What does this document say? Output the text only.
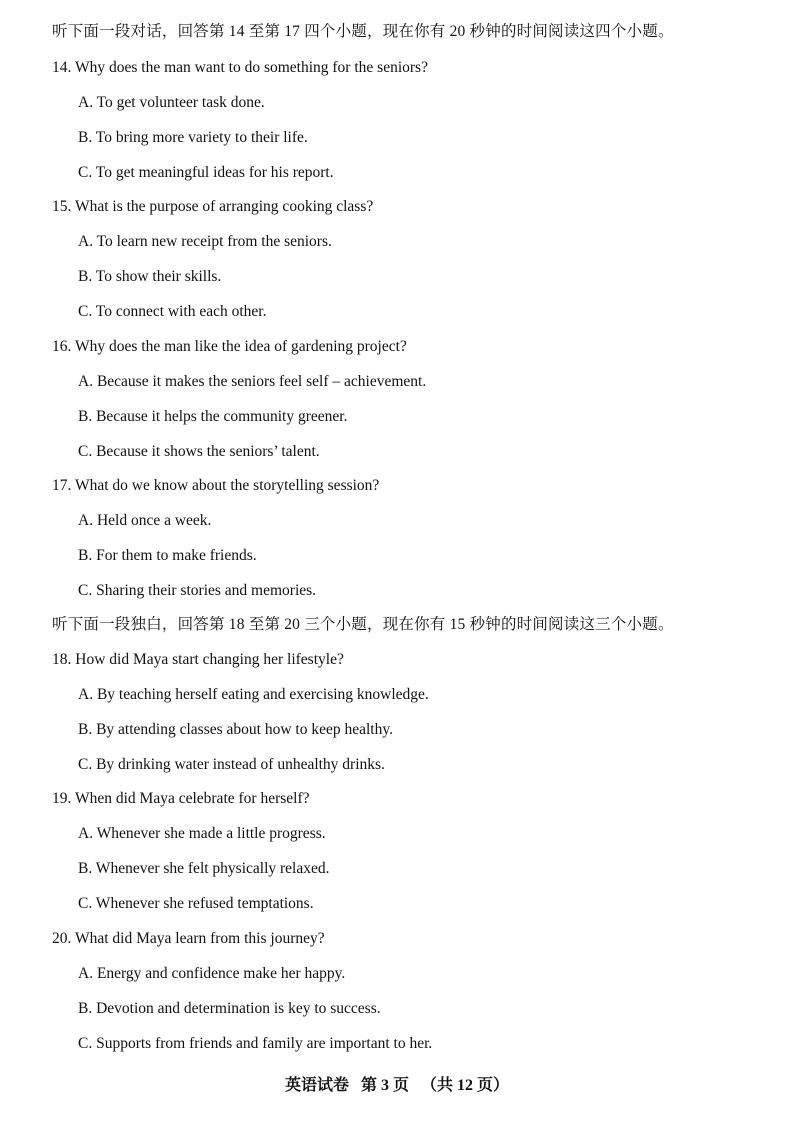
听下面一段对话，回答第 14 至第 17 四个小题，现在你有 20 秒钟的时间阅读这四个小题。
14. Why does the man want to do something for the seniors?
A. To get volunteer task done.
B. To bring more variety to their life.
C. To get meaningful ideas for his report.
15. What is the purpose of arranging cooking class?
A. To learn new receipt from the seniors.
B. To show their skills.
C. To connect with each other.
16. Why does the man like the idea of gardening project?
A. Because it makes the seniors feel self – achievement.
B. Because it helps the community greener.
C. Because it shows the seniors’ talent.
17. What do we know about the storytelling session?
A. Held once a week.
B. For them to make friends.
C. Sharing their stories and memories.
听下面一段独白，回答第 18 至第 20 三个小题，现在你有 15 秒钟的时间阅读这三个小题。
18. How did Maya start changing her lifestyle?
A. By teaching herself eating and exercising knowledge.
B. By attending classes about how to keep healthy.
C. By drinking water instead of unhealthy drinks.
19. When did Maya celebrate for herself?
A. Whenever she made a little progress.
B. Whenever she felt physically relaxed.
C. Whenever she refused temptations.
20. What did Maya learn from this journey?
A. Energy and confidence make her happy.
B. Devotion and determination is key to success.
C. Supports from friends and family are important to her.
英语试卷   第 3 页   （共 12 页）
